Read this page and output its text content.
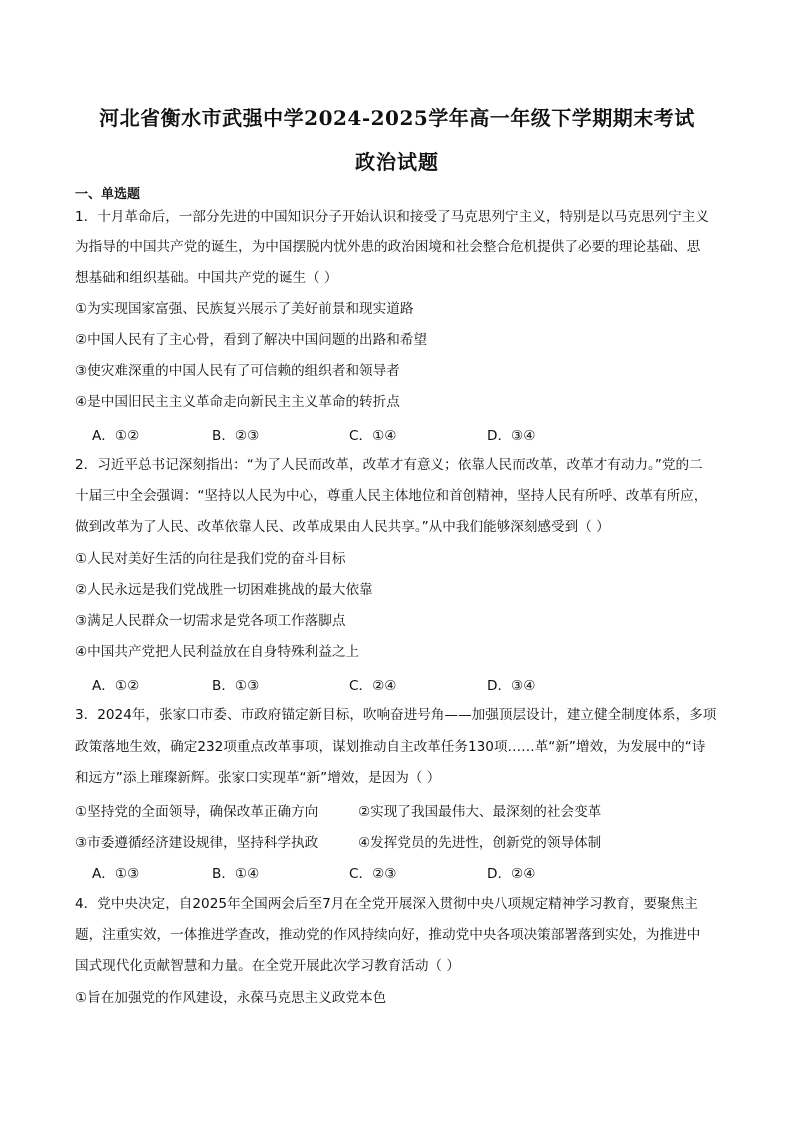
河北省衡水市武强中学2024-2025学年高一年级下学期期末考试
政治试题
一、单选题
1．十月革命后，一部分先进的中国知识分子开始认识和接受了马克思列宁主义，特别是以马克思列宁主义
为指导的中国共产党的诞生，为中国摆脱内忧外患的政治困境和社会整合危机提供了必要的理论基础、思
想基础和组织基础。中国共产党的诞生（ ）
①为实现国家富强、民族复兴展示了美好前景和现实道路
②中国人民有了主心骨，看到了解决中国问题的出路和希望
③使灾难深重的中国人民有了可信赖的组织者和领导者
④是中国旧民主主义革命走向新民主主义革命的转折点
A．①②	B．②③	C．①④	D．③④
2．习近平总书记深刻指出：“为了人民而改革，改革才有意义；依靠人民而改革，改革才有动力。”党的二
十届三中全会强调：“坚持以人民为中心，尊重人民主体地位和首创精神，坚持人民有所呼、改革有所应，
做到改革为了人民、改革依靠人民、改革成果由人民共享。”从中我们能够深刻感受到（ ）
①人民对美好生活的向往是我们党的奋斗目标
②人民永远是我们党战胜一切困难挑战的最大依靠
③满足人民群众一切需求是党各项工作落脚点
④中国共产党把人民利益放在自身特殊利益之上
A．①②	B．①③	C．②④	D．③④
3．2024年，张家口市委、市政府锚定新目标，吹响奋进号角——加强顶层设计，建立健全制度体系，多项
政策落地生效，确定232项重点改革事项，谋划推动自主改革任务130项……革“新”增效，为发展中的“诗
和远方”添上璀璨新辉。张家口实现革“新”增效，是因为（ ）
①坚持党的全面领导，确保改革正确方向	②实现了我国最伟大、最深刻的社会变革
③市委遵循经济建设规律，坚持科学执政	④发挥党员的先进性，创新党的领导体制
A．①③	B．①④	C．②③	D．②④
4．党中央决定，自2025年全国两会后至7月在全党开展深入贯彻中央八项规定精神学习教育，要聚焦主
题，注重实效，一体推进学查改，推动党的作风持续向好，推动党中央各项决策部署落到实处，为推进中
国式现代化贡献智慧和力量。在全党开展此次学习教育活动（ ）
①旨在加强党的作风建设，永葆马克思主义政党本色
